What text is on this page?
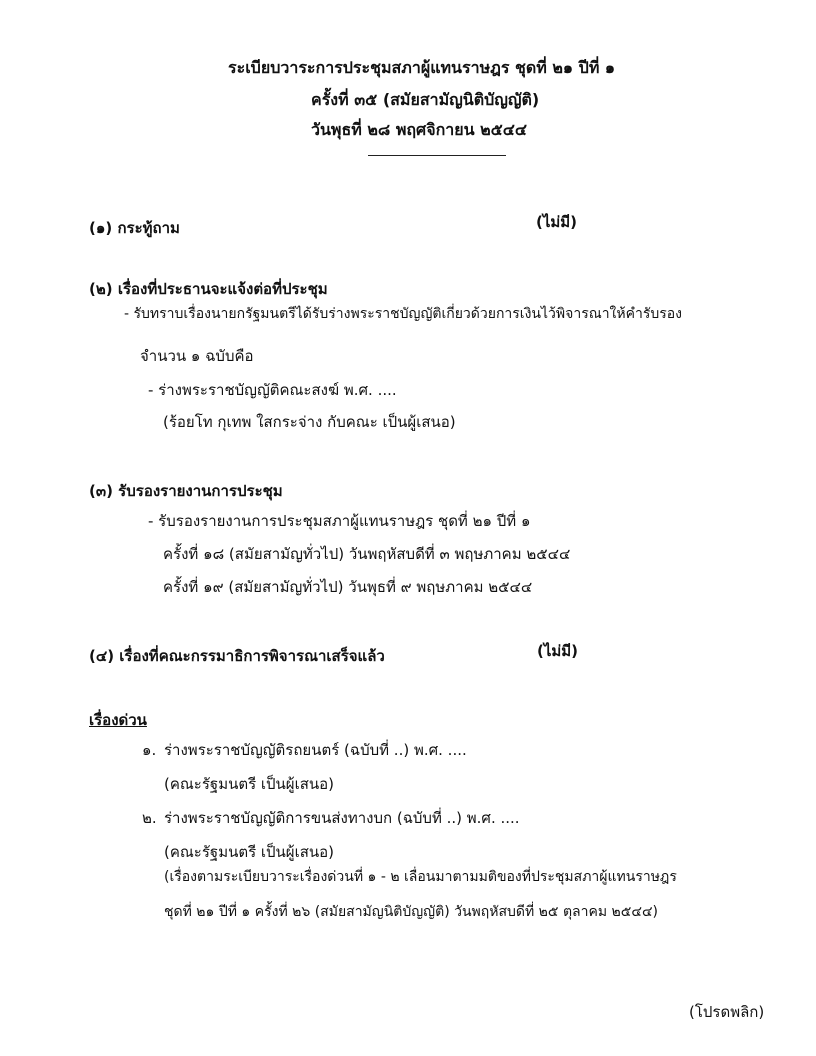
ระเบียบวาระการประชุมสภาผู้แทนราษฎร ชุดที่ ๒๑ ปีที่ ๑
ครั้งที่ ๓๕ (สมัยสามัญนิติบัญญัติ)
วันพุธที่ ๒๘ พฤศจิกายน ๒๕๔๔
(๑) กระทู้ถาม	(ไม่มี)
(๒) เรื่องที่ประธานจะแจ้งต่อที่ประชุม
- รับทราบเรื่องนายกรัฐมนตรีได้รับร่างพระราชบัญญัติเกี่ยวด้วยการเงินไว้พิจารณาให้คำรับรอง
จำนวน ๑ ฉบับคือ
- ร่างพระราชบัญญัติคณะสงฆ์ พ.ศ. ....
(ร้อยโท กุเทพ ใสกระจ่าง กับคณะ เป็นผู้เสนอ)
(๓) รับรองรายงานการประชุม
- รับรองรายงานการประชุมสภาผู้แทนราษฎร ชุดที่ ๒๑ ปีที่ ๑
ครั้งที่ ๑๘ (สมัยสามัญทั่วไป) วันพฤหัสบดีที่ ๓ พฤษภาคม ๒๕๔๔
ครั้งที่ ๑๙ (สมัยสามัญทั่วไป) วันพุธที่ ๙ พฤษภาคม ๒๕๔๔
(๔) เรื่องที่คณะกรรมาธิการพิจารณาเสร็จแล้ว	(ไม่มี)
เรื่องด่วน
๑. ร่างพระราชบัญญัติรถยนตร์ (ฉบับที่ ..) พ.ศ. ....
(คณะรัฐมนตรี เป็นผู้เสนอ)
๒. ร่างพระราชบัญญัติการขนส่งทางบก (ฉบับที่ ..) พ.ศ. ....
(คณะรัฐมนตรี เป็นผู้เสนอ)
(เรื่องตามระเบียบวาระเรื่องด่วนที่ ๑ - ๒ เลื่อนมาตามมติของที่ประชุมสภาผู้แทนราษฎร
ชุดที่ ๒๑ ปีที่ ๑ ครั้งที่ ๒๖ (สมัยสามัญนิติบัญญัติ) วันพฤหัสบดีที่ ๒๕ ตุลาคม ๒๕๔๔)
(โปรดพลิก)
